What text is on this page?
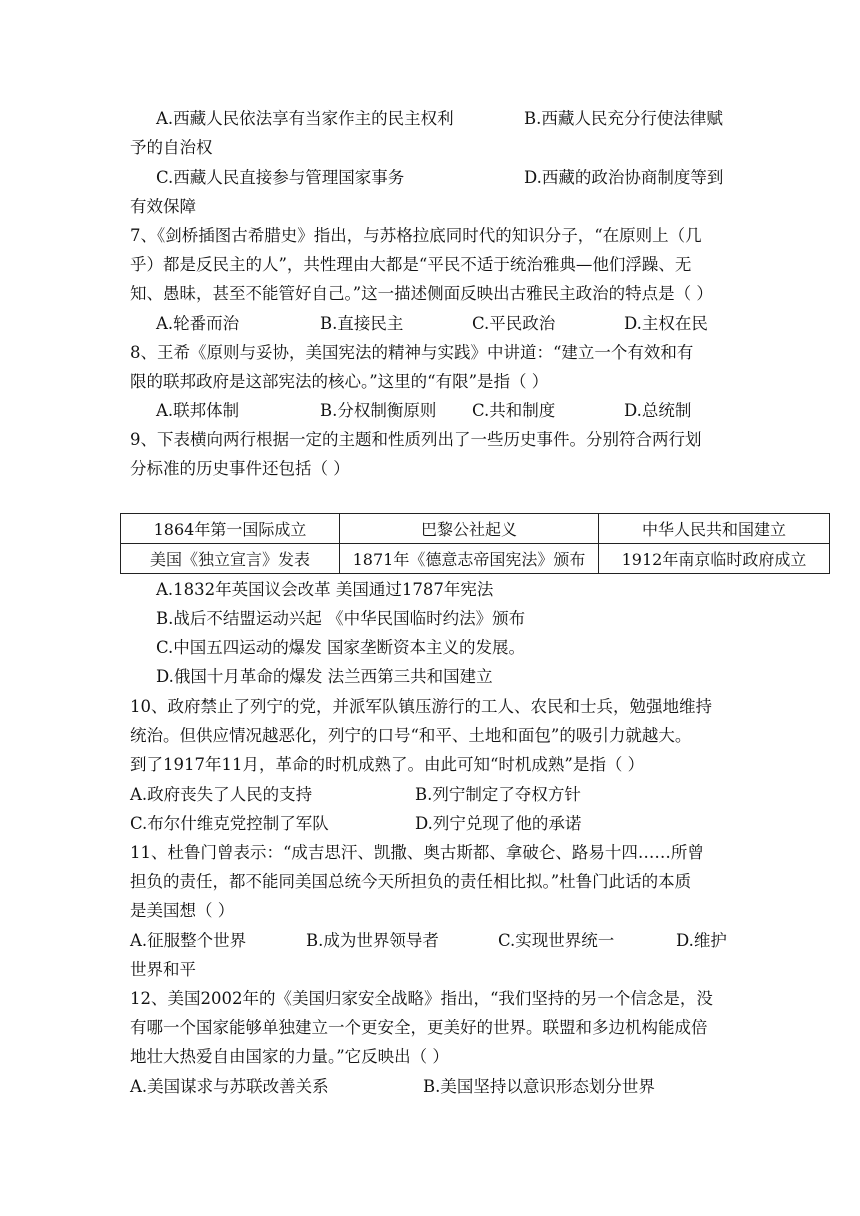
A.西藏人民依法享有当家作主的民主权利	B.西藏人民充分行使法律赋
予的自治权
C.西藏人民直接参与管理国家事务	D.西藏的政治协商制度等到
有效保障
7、《剑桥插图古希腊史》指出，与苏格拉底同时代的知识分子，“在原则上（几
乎）都是反民主的人”，共性理由大都是“平民不适于统治雅典—他们浮躁、无
知、愚昧，甚至不能管好自己。”这一描述侧面反映出古雅民主政治的特点是（ ）
A.轮番而治	B.直接民主	C.平民政治	D.主权在民
8、王希《原则与妥协，美国宪法的精神与实践》中讲道：“建立一个有效和有
限的联邦政府是这部宪法的核心。”这里的“有限”是指（ ）
A.联邦体制	B.分权制衡原则 C.共和制度	D.总统制
9、下表横向两行根据一定的主题和性质列出了一些历史事件。分别符合两行划
分标准的历史事件还包括（ ）
1864年第一国际成立	巴黎公社起义	中华人民共和国建立
美国《独立宣言》发表	1871年《德意志帝国宪法》颁布	1912年南京临时政府成立
A.1832年英国议会改革 美国通过1787年宪法
B.战后不结盟运动兴起 《中华民国临时约法》颁布
C.中国五四运动的爆发 国家垄断资本主义的发展。
D.俄国十月革命的爆发 法兰西第三共和国建立
10、政府禁止了列宁的党，并派军队镇压游行的工人、农民和士兵，勉强地维持
统治。但供应情况越恶化，列宁的口号“和平、土地和面包”的吸引力就越大。
到了1917年11月，革命的时机成熟了。由此可知“时机成熟”是指（ ）
A.政府丧失了人民的支持	B.列宁制定了夺权方针
C.布尔什维克党控制了军队	D.列宁兑现了他的承诺
11、杜鲁门曾表示：“成吉思汗、凯撒、奥古斯都、拿破仑、路易十四……所曾
担负的责任，都不能同美国总统今天所担负的责任相比拟。”杜鲁门此话的本质
是美国想（ ）
A.征服整个世界	B.成为世界领导者	C.实现世界统一	D.维护
世界和平
12、美国2002年的《美国归家安全战略》指出，“我们坚持的另一个信念是，没
有哪一个国家能够单独建立一个更安全，更美好的世界。联盟和多边机构能成倍
地壮大热爱自由国家的力量。”它反映出（ ）
A.美国谋求与苏联改善关系	B.美国坚持以意识形态划分世界
